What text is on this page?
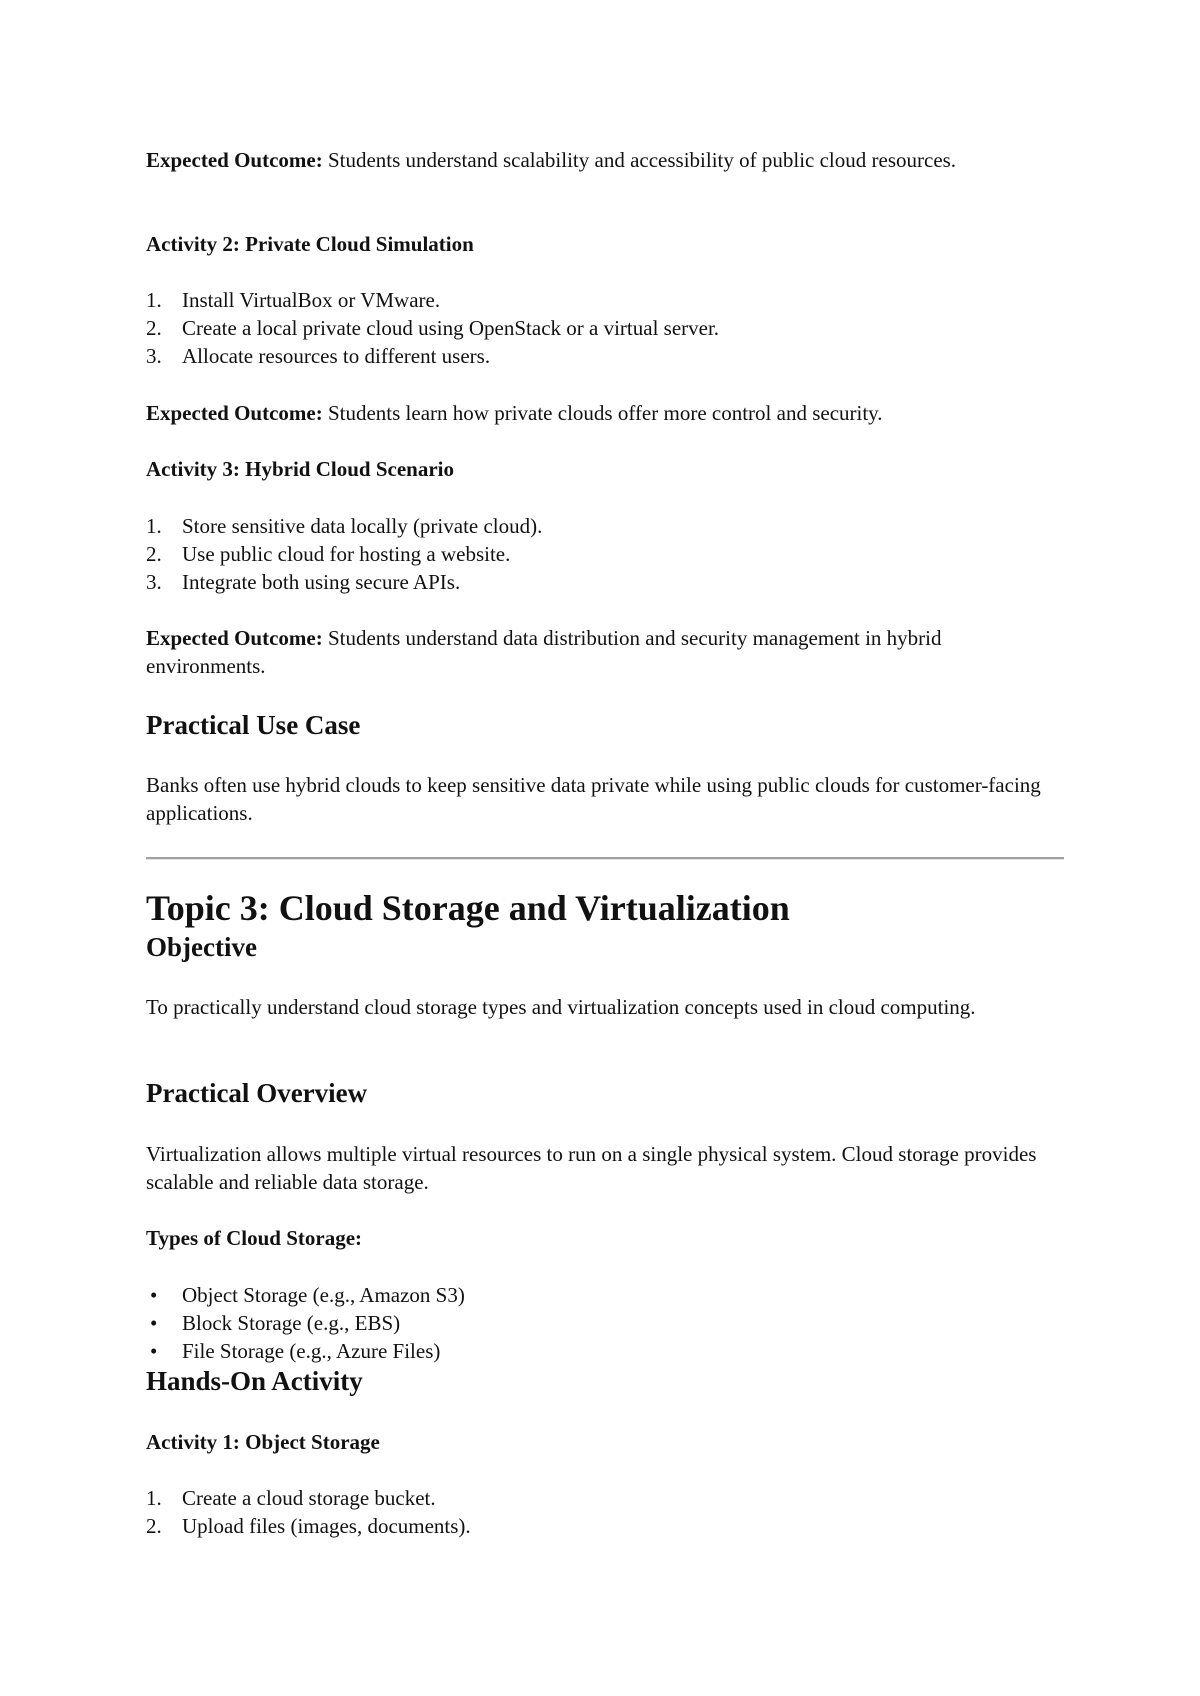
Expected Outcome: Students understand scalability and accessibility of public cloud resources.

Activity 2: Private Cloud Simulation

1. Install VirtualBox or VMware.
2. Create a local private cloud using OpenStack or a virtual server.
3. Allocate resources to different users.

Expected Outcome: Students learn how private clouds offer more control and security.

Activity 3: Hybrid Cloud Scenario

1. Store sensitive data locally (private cloud).
2. Use public cloud for hosting a website.
3. Integrate both using secure APIs.

Expected Outcome: Students understand data distribution and security management in hybrid environments.

Practical Use Case

Banks often use hybrid clouds to keep sensitive data private while using public clouds for customer-facing applications.

Topic 3: Cloud Storage and Virtualization
Objective

To practically understand cloud storage types and virtualization concepts used in cloud computing.

Practical Overview

Virtualization allows multiple virtual resources to run on a single physical system. Cloud storage provides scalable and reliable data storage.

Types of Cloud Storage:

•	Object Storage (e.g., Amazon S3)
•	Block Storage (e.g., EBS)
•	File Storage (e.g., Azure Files)
Hands-On Activity

Activity 1: Object Storage

1. Create a cloud storage bucket.
2. Upload files (images, documents).
